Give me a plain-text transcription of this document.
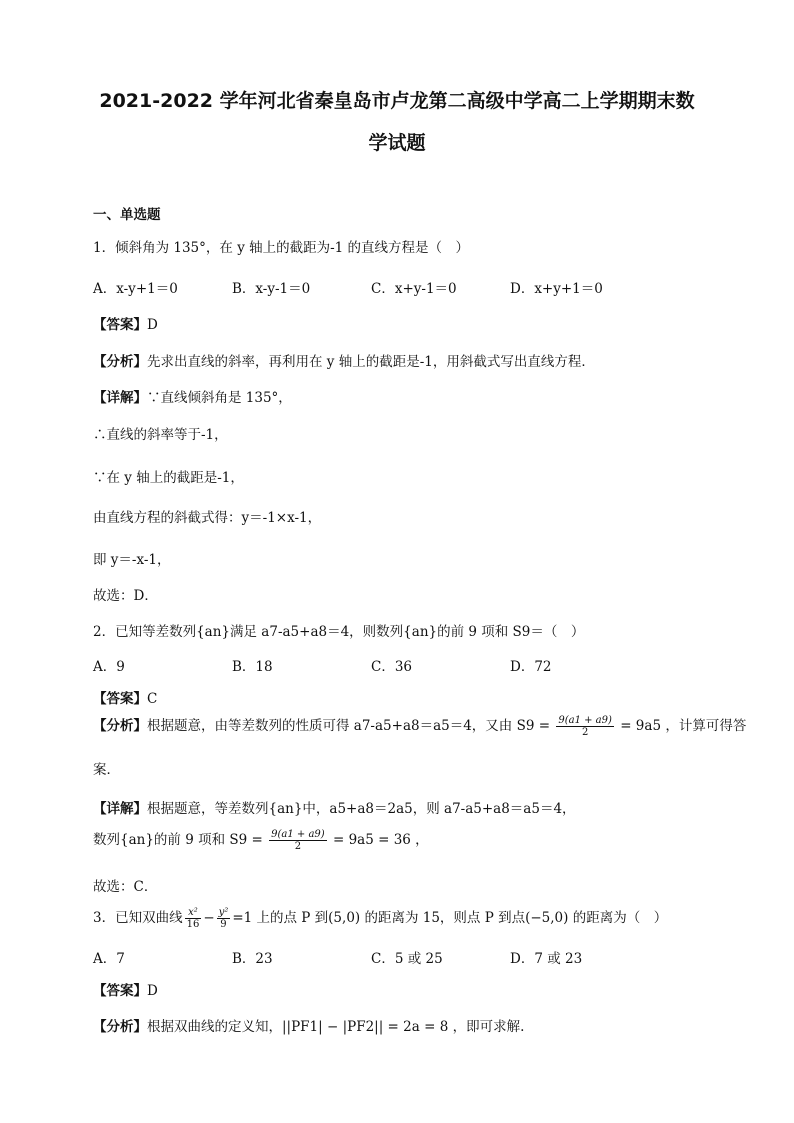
2021-2022 学年河北省秦皇岛市卢龙第二高级中学高二上学期期末数
学试题
一、单选题
1．倾斜角为 135°，在 y 轴上的截距为-1 的直线方程是（　）
A．x-y+1＝0	B．x-y-1＝0	C．x+y-1＝0	D．x+y+1＝0
【答案】D
【分析】先求出直线的斜率，再利用在 y 轴上的截距是-1，用斜截式写出直线方程．
【详解】∵直线倾斜角是 135°，
∴直线的斜率等于-1，
∵在 y 轴上的截距是-1，
由直线方程的斜截式得：y＝-1×x-1，
即 y＝-x-1，
故选：D．
2．已知等差数列{an}满足 a7-a5+a8＝4，则数列{an}的前 9 项和 S9＝（　）
A．9	B．18	C．36	D．72
【答案】C
【分析】根据题意，由等差数列的性质可得 a7-a5+a8＝a5＝4，又由 $S9 = \frac{9(a1 + a9)}{2} = 9a5$ ，计算可得答
案．
【详解】根据题意，等差数列{an}中，a5+a8＝2a5，则 a7-a5+a8＝a5＝4，
数列{an}的前 9 项和 $S9 = \frac{9(a1 + a9)}{2} = 9a5 = 36$ ，
故选：C．
3．已知双曲线 $\frac{\text{x²}}{16} - \frac{\text{y²}}{9} =1$ 上的点 P 到(5,0) 的距离为 15，则点 P 到点(−5,0) 的距离为（　）
A．7	B．23	C．5 或 25	D．7 或 23
【答案】D
【分析】根据双曲线的定义知，||PF1| − |PF2|| = 2a = 8 ，即可求解.
